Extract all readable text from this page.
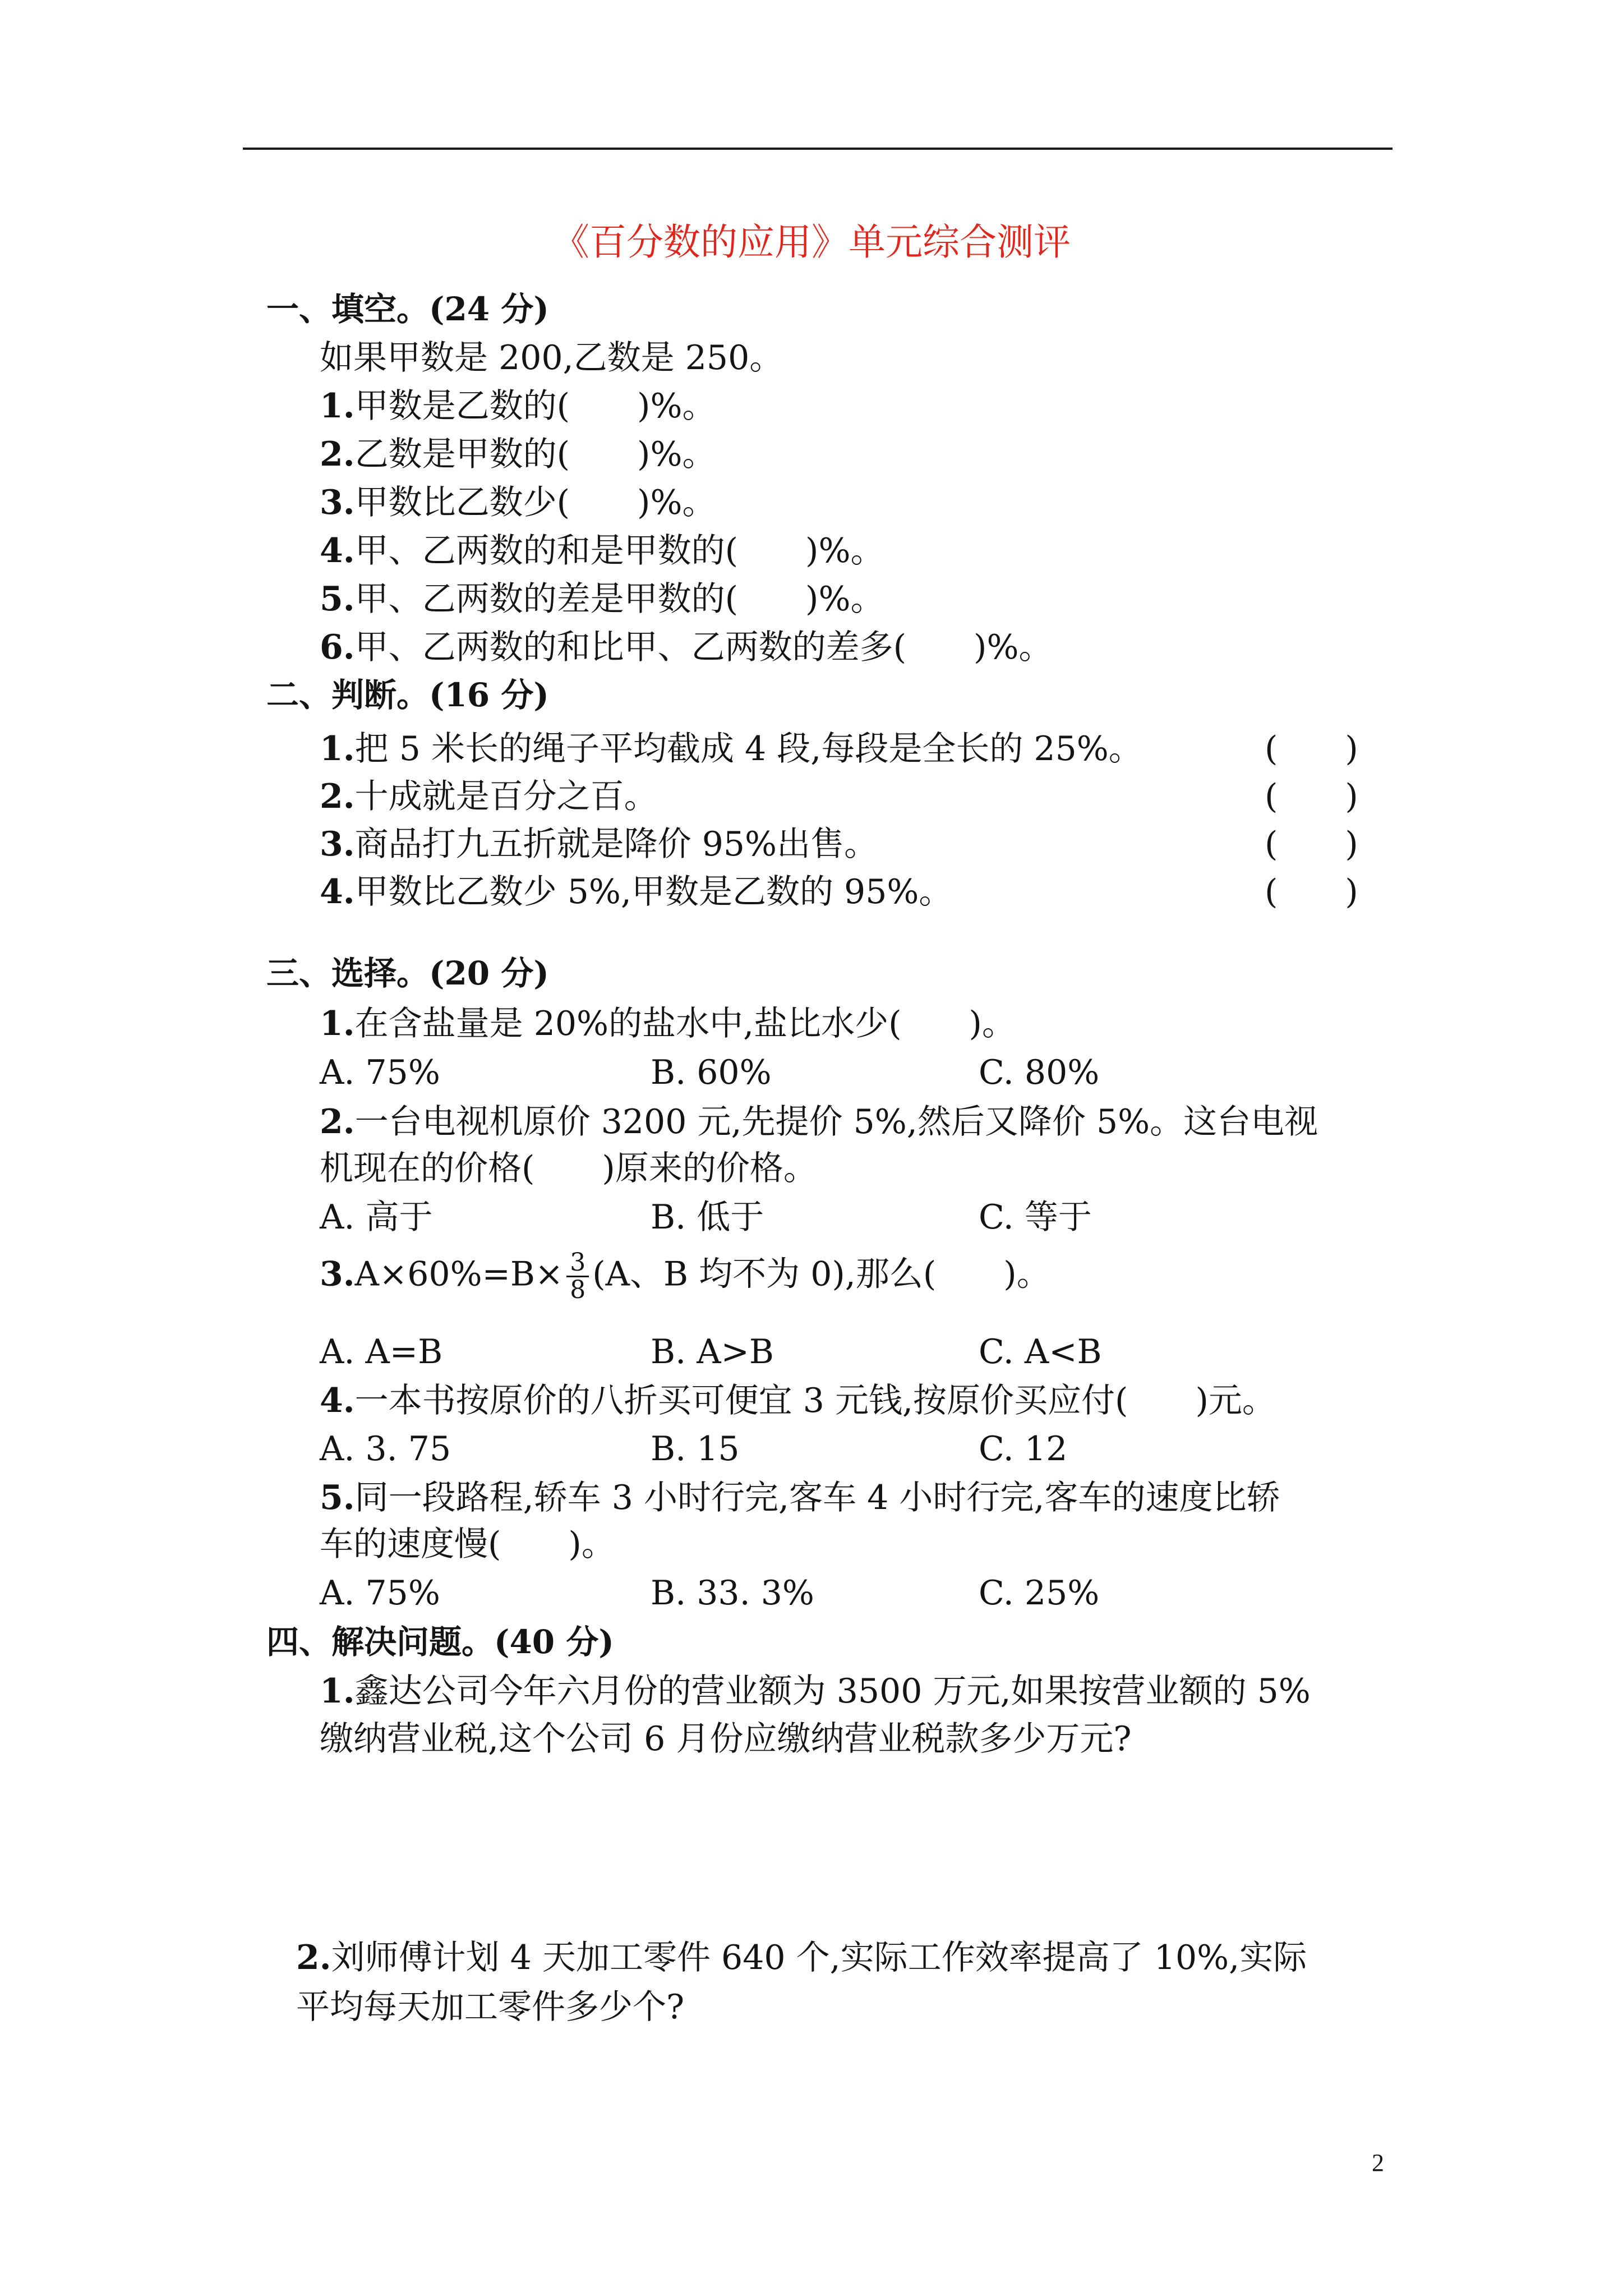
《百分数的应用》单元综合测评
一、填空。(24 分)
如果甲数是 200,乙数是 250。
1.甲数是乙数的(　　)%。
2.乙数是甲数的(　　)%。
3.甲数比乙数少(　　)%。
4.甲、乙两数的和是甲数的(　　)%。
5.甲、乙两数的差是甲数的(　　)%。
6.甲、乙两数的和比甲、乙两数的差多(　　)%。
二、判断。(16 分)
1.把 5 米长的绳子平均截成 4 段,每段是全长的 25%。	(　　)
2.十成就是百分之百。	(　　)
3.商品打九五折就是降价 95%出售。	(　　)
4.甲数比乙数少 5%,甲数是乙数的 95%。	(　　)
三、选择。(20 分)
1.在含盐量是 20%的盐水中,盐比水少(　　)。
A. 75%	B. 60%	C. 80%
2.一台电视机原价 3200 元,先提价 5%,然后又降价 5%。这台电视
机现在的价格(　　)原来的价格。
A. 高于	B. 低于	C. 等于
$3.A\times 60\%=B\times \frac{3}{8} (A$、B 均不为 0),那么(　　)。
A. A=B	B. A>B	C. A<B
4.一本书按原价的八折买可便宜 3 元钱,按原价买应付(　　)元。
A. 3. 75	B. 15	C. 12
5.同一段路程,轿车 3 小时行完,客车 4 小时行完,客车的速度比轿
车的速度慢(　　)。
A. 75%	B. 33. 3%	C. 25%
四、解决问题。(40 分)
1.鑫达公司今年六月份的营业额为 3500 万元,如果按营业额的 5%
缴纳营业税,这个公司 6 月份应缴纳营业税款多少万元?
2.刘师傅计划 4 天加工零件 640 个,实际工作效率提高了 10%,实际
平均每天加工零件多少个?
2
